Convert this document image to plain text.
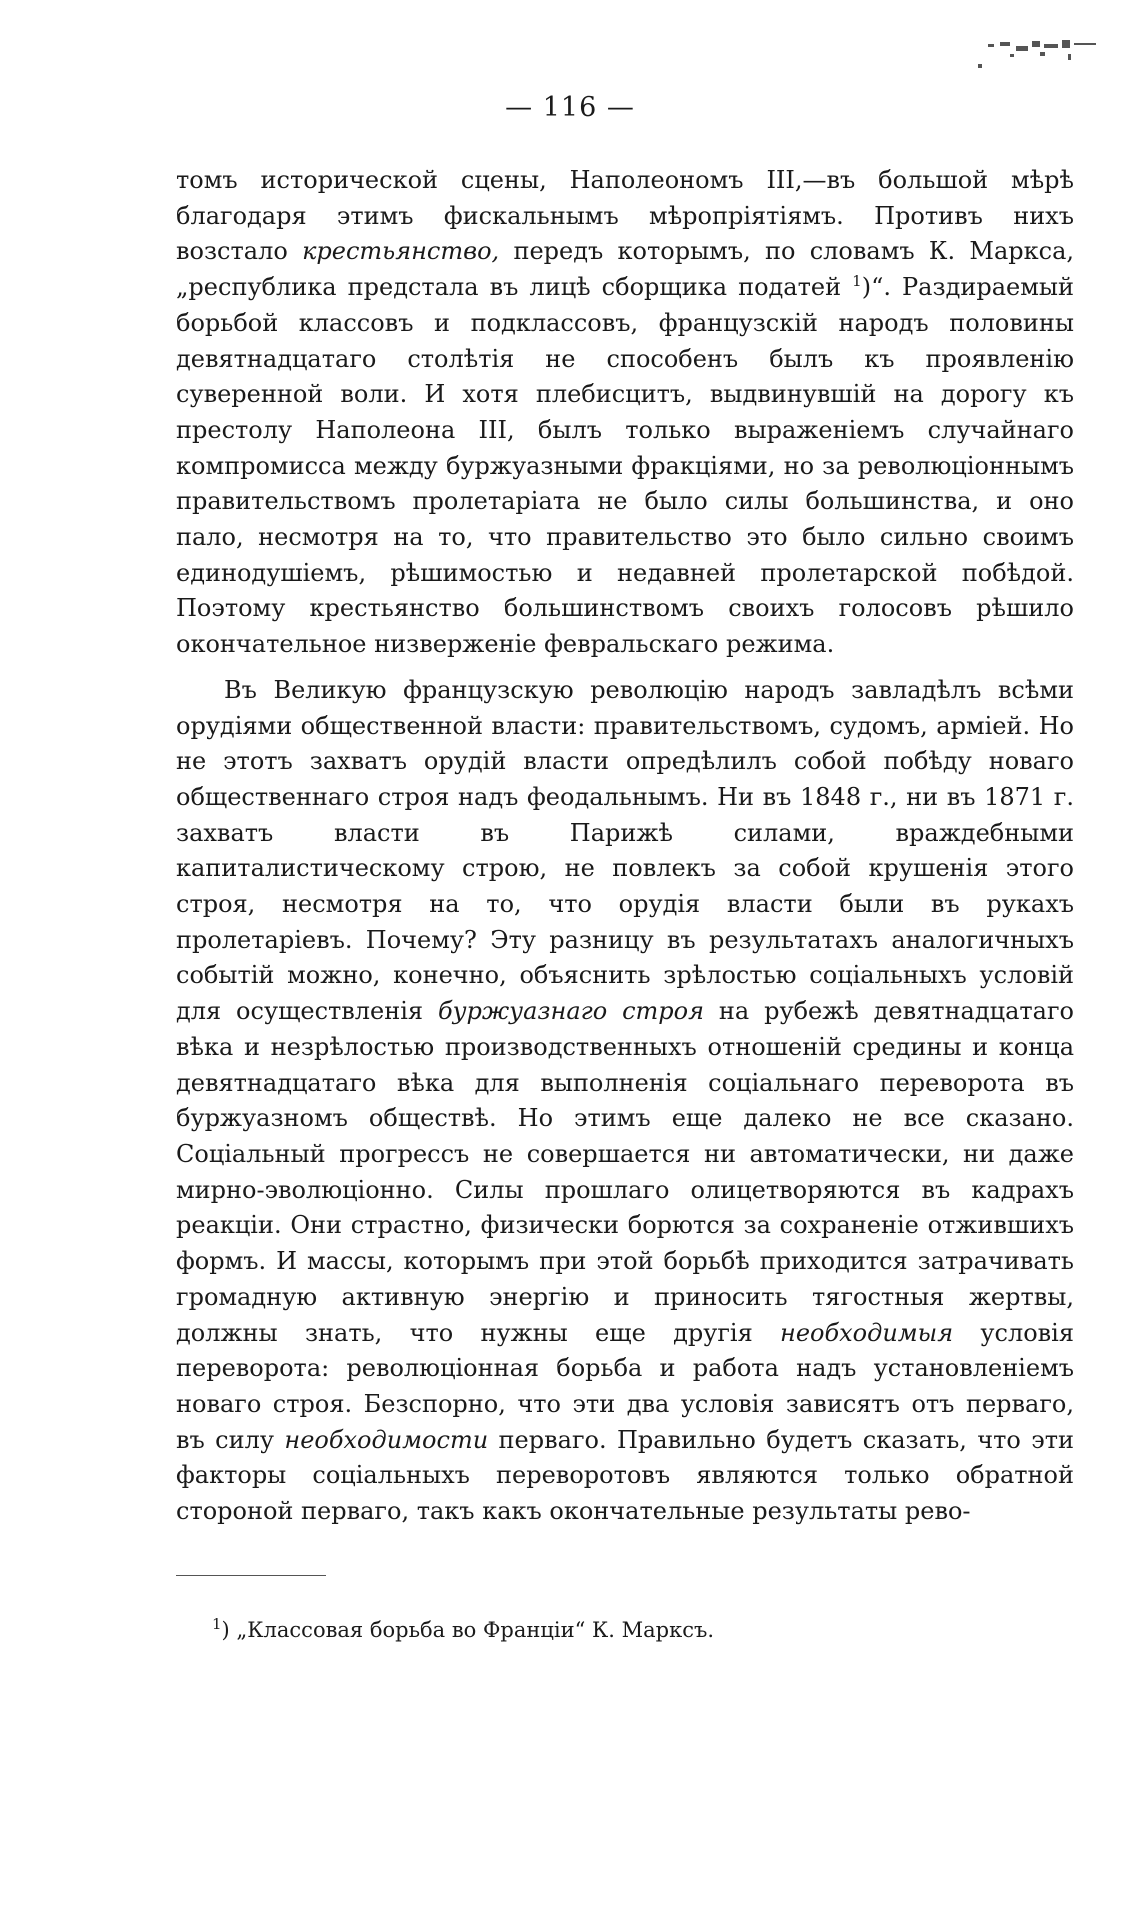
— 116 —

томъ исторической сцены, Наполеономъ III,—въ большой мѣрѣ благодаря этимъ фискальнымъ мѣропріятіямъ. Противъ нихъ возстало крестьянство, передъ которымъ, по словамъ К. Маркса, „республика предстала въ лицѣ сборщика податей $^1$)“. Раздираемый борьбой классовъ и подклассовъ, французскій народъ половины девятнадцатаго столѣтія не способенъ былъ къ проявленію суверенной воли. И хотя плебисцитъ, выдвинувшій на дорогу къ престолу Наполеона III, былъ только выраженіемъ случайнаго компромисса между буржуазными фракціями, но за революціоннымъ правительствомъ пролетаріата не было силы большинства, и оно пало, несмотря на то, что правительство это было сильно своимъ единодушіемъ, рѣшимостью и недавней пролетарской побѣдой. Поэтому крестьянство большинствомъ своихъ голосовъ рѣшило окончательное низверженіе февральскаго режима.

Въ Великую французскую революцію народъ завладѣлъ всѣми орудіями общественной власти: правительствомъ, судомъ, арміей. Но не этотъ захватъ орудій власти опредѣлилъ собой побѣду новаго общественнаго строя надъ феодальнымъ. Ни въ 1848 г., ни въ 1871 г. захватъ власти въ Парижѣ силами, враждебными капиталистическому строю, не повлекъ за собой крушенія этого строя, несмотря на то, что орудія власти были въ рукахъ пролетаріевъ. Почему? Эту разницу въ результатахъ аналогичныхъ событій можно, конечно, объяснить зрѣлостью соціальныхъ условій для осуществленія буржуазнаго строя на рубежѣ девятнадцатаго вѣка и незрѣлостью производственныхъ отношеній средины и конца девятнадцатаго вѣка для выполненія соціальнаго переворота въ буржуазномъ обществѣ. Но этимъ еще далеко не все сказано. Соціальный прогрессъ не совершается ни автоматически, ни даже мирно-эволюціонно. Силы прошлаго олицетворяются въ кадрахъ реакціи. Они страстно, физически борются за сохраненіе отжившихъ формъ. И массы, которымъ при этой борьбѣ приходится затрачивать громадную активную энергію и приносить тягостныя жертвы, должны знать, что нужны еще другія необходимыя условія переворота: революціонная борьба и работа надъ установленіемъ новаго строя. Безспорно, что эти два условія зависятъ отъ перваго, въ силу необходимости перваго. Правильно будетъ сказать, что эти факторы соціальныхъ переворотовъ являются только обратной стороной перваго, такъ какъ окончательные результаты рево-

$^1$) „Классовая борьба во Франціи“ К. Марксъ.
